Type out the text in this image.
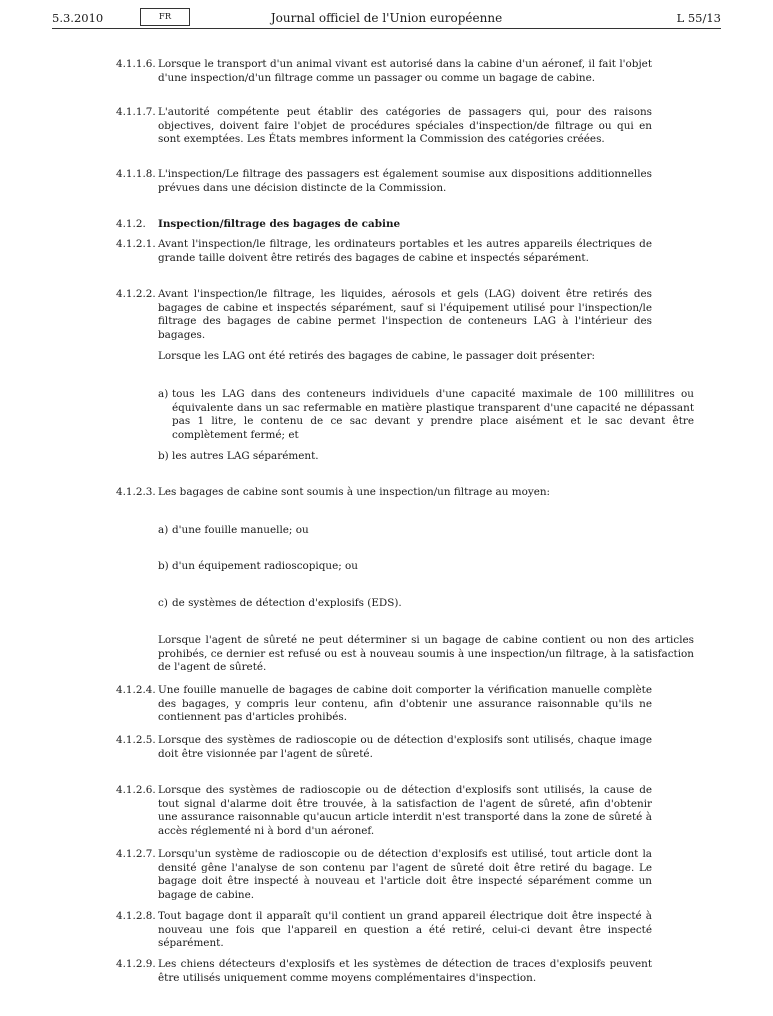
5.3.2010	FR	Journal officiel de l'Union européenne	L 55/13
4.1.1.6. Lorsque le transport d'un animal vivant est autorisé dans la cabine d'un aéronef, il fait l'objet d'une inspection/d'un filtrage comme un passager ou comme un bagage de cabine.
4.1.1.7. L'autorité compétente peut établir des catégories de passagers qui, pour des raisons objectives, doivent faire l'objet de procédures spéciales d'inspection/de filtrage ou qui en sont exemptées. Les États membres informent la Commission des catégories créées.
4.1.1.8. L'inspection/Le filtrage des passagers est également soumise aux dispositions additionnelles prévues dans une décision distincte de la Commission.
4.1.2.	Inspection/filtrage des bagages de cabine
4.1.2.1. Avant l'inspection/le filtrage, les ordinateurs portables et les autres appareils électriques de grande taille doivent être retirés des bagages de cabine et inspectés séparément.
4.1.2.2. Avant l'inspection/le filtrage, les liquides, aérosols et gels (LAG) doivent être retirés des bagages de cabine et inspectés séparément, sauf si l'équipement utilisé pour l'inspection/le filtrage des bagages de cabine permet l'inspection de conteneurs LAG à l'intérieur des bagages.
Lorsque les LAG ont été retirés des bagages de cabine, le passager doit présenter:
a) tous les LAG dans des conteneurs individuels d'une capacité maximale de 100 millilitres ou équivalente dans un sac refermable en matière plastique transparent d'une capacité ne dépassant pas 1 litre, le contenu de ce sac devant y prendre place aisément et le sac devant être complètement fermé; et
b) les autres LAG séparément.
4.1.2.3. Les bagages de cabine sont soumis à une inspection/un filtrage au moyen:
a) d'une fouille manuelle; ou
b) d'un équipement radioscopique; ou
c) de systèmes de détection d'explosifs (EDS).
Lorsque l'agent de sûreté ne peut déterminer si un bagage de cabine contient ou non des articles prohibés, ce dernier est refusé ou est à nouveau soumis à une inspection/un filtrage, à la satisfaction de l'agent de sûreté.
4.1.2.4. Une fouille manuelle de bagages de cabine doit comporter la vérification manuelle complète des bagages, y compris leur contenu, afin d'obtenir une assurance raisonnable qu'ils ne contiennent pas d'articles prohibés.
4.1.2.5. Lorsque des systèmes de radioscopie ou de détection d'explosifs sont utilisés, chaque image doit être visionnée par l'agent de sûreté.
4.1.2.6. Lorsque des systèmes de radioscopie ou de détection d'explosifs sont utilisés, la cause de tout signal d'alarme doit être trouvée, à la satisfaction de l'agent de sûreté, afin d'obtenir une assurance raisonnable qu'aucun article interdit n'est transporté dans la zone de sûreté à accès réglementé ni à bord d'un aéronef.
4.1.2.7. Lorsqu'un système de radioscopie ou de détection d'explosifs est utilisé, tout article dont la densité gêne l'analyse de son contenu par l'agent de sûreté doit être retiré du bagage. Le bagage doit être inspecté à nouveau et l'article doit être inspecté séparément comme un bagage de cabine.
4.1.2.8. Tout bagage dont il apparaît qu'il contient un grand appareil électrique doit être inspecté à nouveau une fois que l'appareil en question a été retiré, celui-ci devant être inspecté séparément.
4.1.2.9. Les chiens détecteurs d'explosifs et les systèmes de détection de traces d'explosifs peuvent être utilisés uniquement comme moyens complémentaires d'inspection.
